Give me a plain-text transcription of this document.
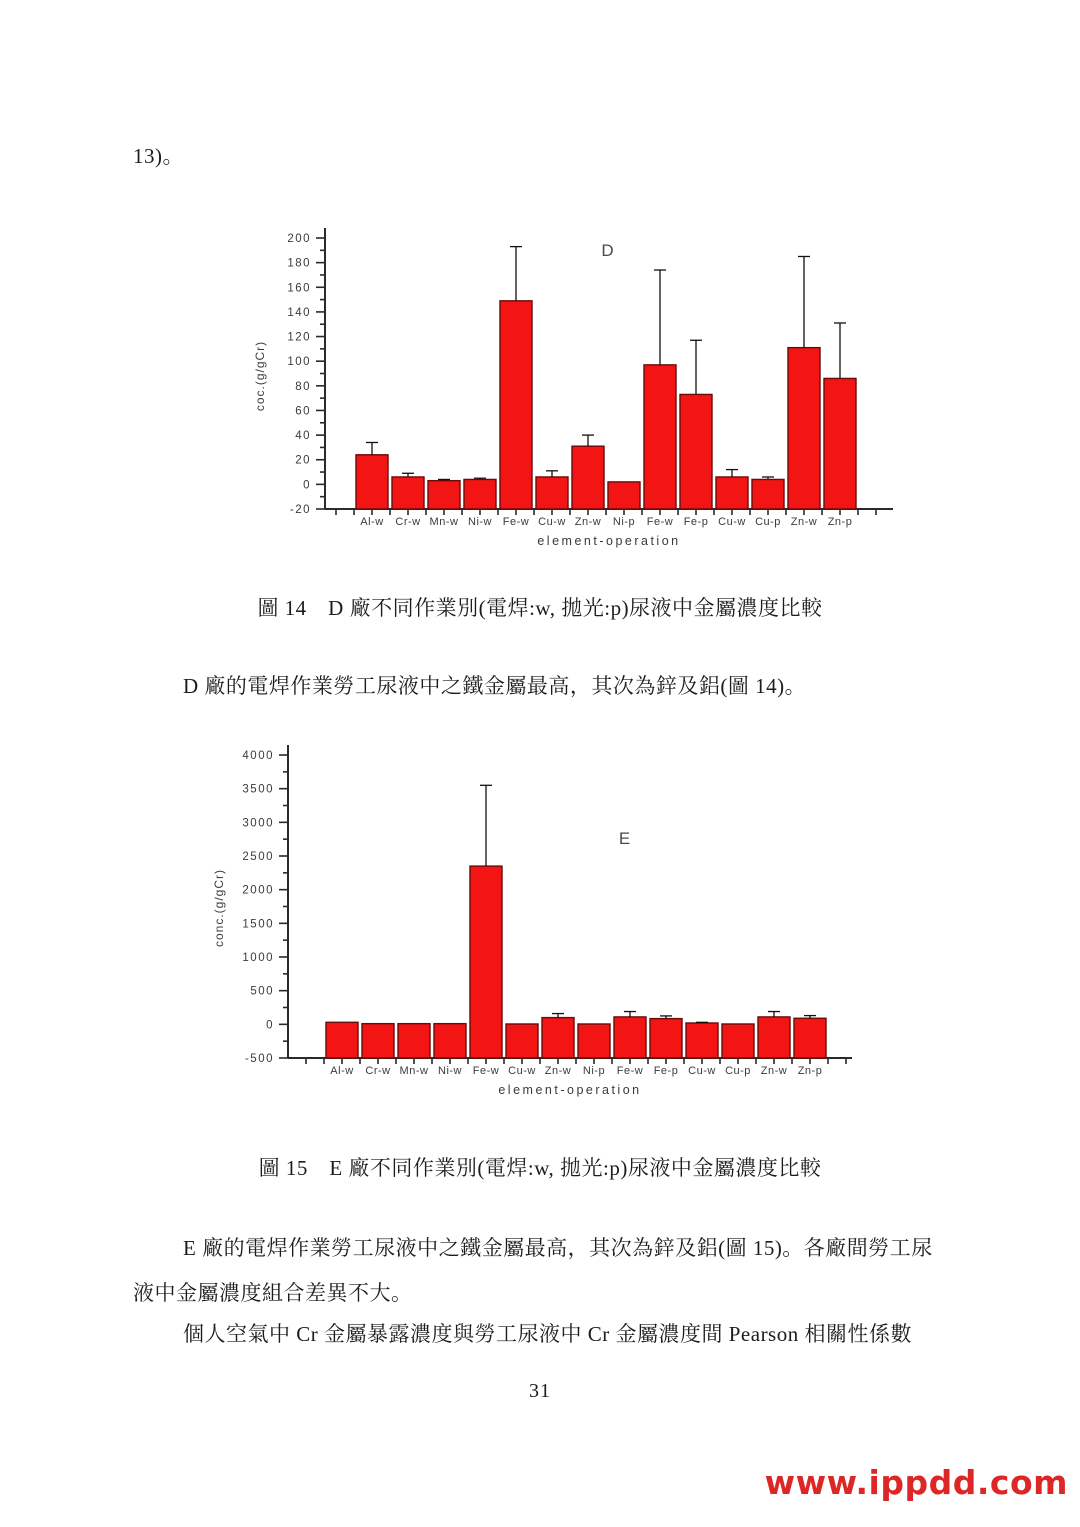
13)。
-20
0
20
40
60
80
100
120
140
160
180
200
Al-w Cr-w Mn-w Ni-w Fe-w Cu-w Zn-w Ni-p Fe-w Fe-p Cu-w Cu-p Zn-w Zn-p
element-operation
coc.(g/gCr)
D
圖 14　D 廠不同作業別(電焊:w, 拋光:p)尿液中金屬濃度比較
D 廠的電焊作業勞工尿液中之鐵金屬最高，其次為鋅及鋁(圖 14)。
-500
0
500
1000
1500
2000
2500
3000
3500
4000
Al-w Cr-w Mn-w Ni-w Fe-w Cu-w Zn-w Ni-p Fe-w Fe-p Cu-w Cu-p Zn-w Zn-p
element-operation
conc.(g/gCr)
E
圖 15　E 廠不同作業別(電焊:w, 拋光:p)尿液中金屬濃度比較
E 廠的電焊作業勞工尿液中之鐵金屬最高，其次為鋅及鋁(圖 15)。各廠間勞工尿
液中金屬濃度組合差異不大。
個人空氣中 Cr 金屬暴露濃度與勞工尿液中 Cr 金屬濃度間 Pearson 相關性係數
31
www.ippdd.com
